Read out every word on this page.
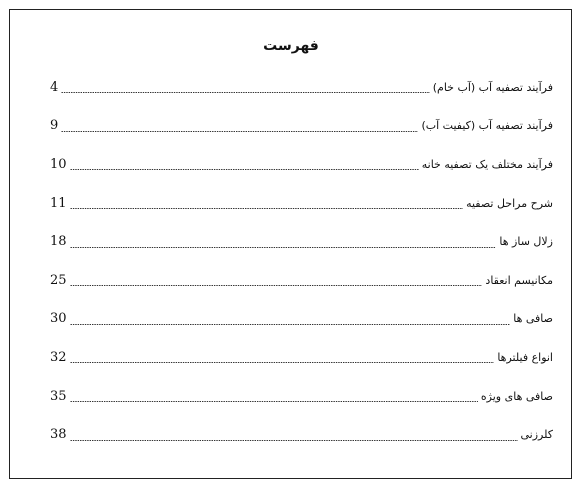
فهرست
4	فرآیند تصفیه آب (آب خام)
9	فرآیند تصفیه آب (کیفیت آب)
10	فرآیند مختلف یک تصفیه خانه
11	شرح مراحل تصفیه
18	زلال ساز ها
25	مکانیسم انعقاد
30	صافی ها
32	انواع فیلترها
35	صافی های ویژه
38	کلرزنی
